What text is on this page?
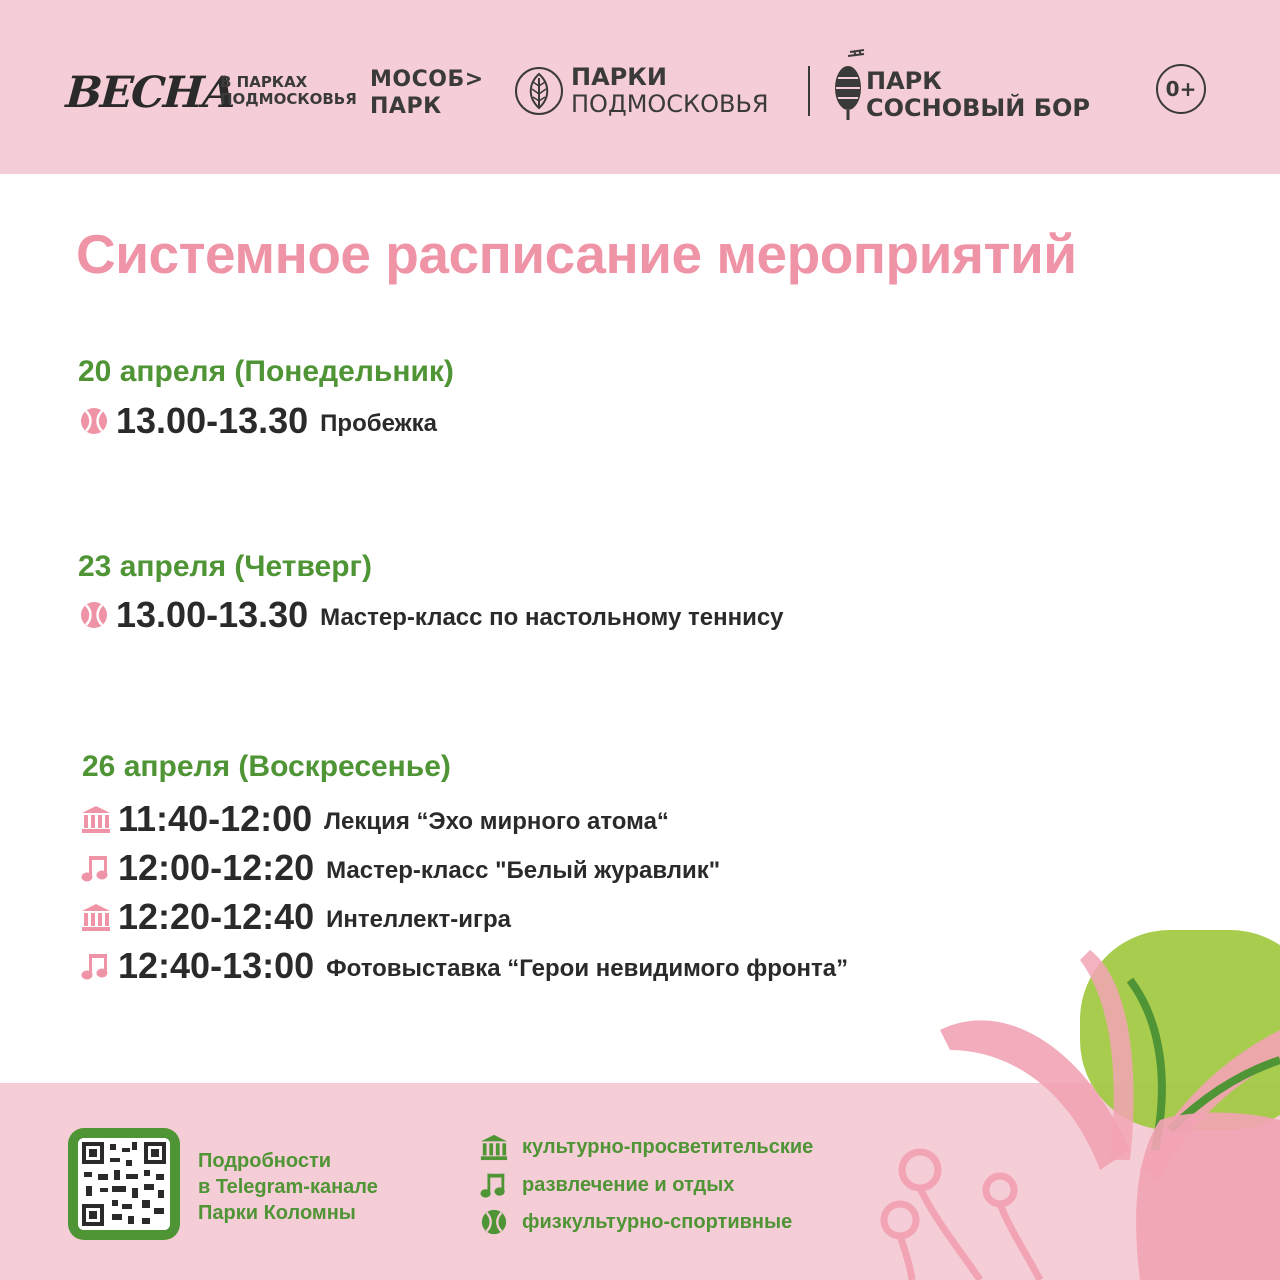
ВЕСНА
В ПАРКАХ
ПОДМОСКОВЬЯ
МОСОБ>
ПАРК
ПАРКИ
ПОДМОСКОВЬЯ
ПАРК
СОСНОВЫЙ БОР
0+
Системное расписание мероприятий
20 апреля (Понедельник)
13.00-13.30 Пробежка
23 апреля (Четверг)
13.00-13.30 Мастер-класс по настольному теннису
26 апреля (Воскресенье)
11:40-12:00 Лекция “Эхо мирного атома“
12:00-12:20 Мастер-класс "Белый журавлик"
12:20-12:40 Интеллект-игра
12:40-13:00 Фотовыставка “Герои невидимого фронта”
Подробности
в Telegram-канале
Парки Коломны
культурно-просветительские
развлечение и отдых
физкультурно-спортивные
